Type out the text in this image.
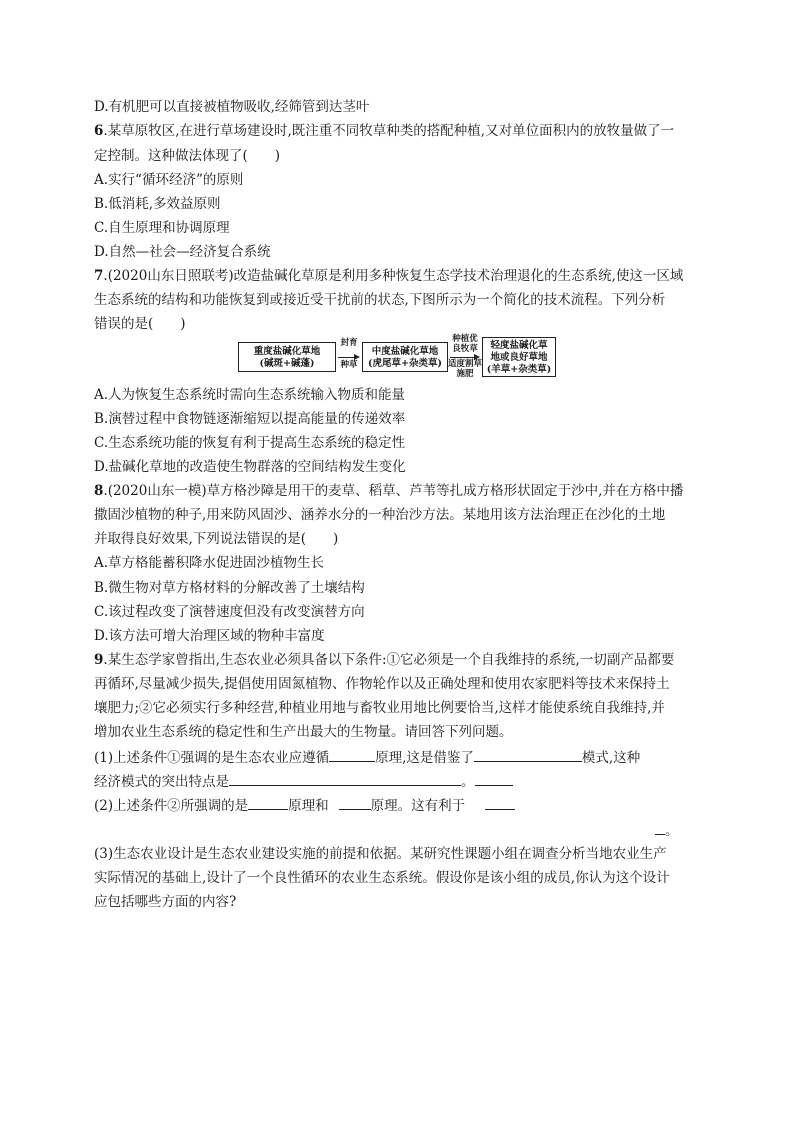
D.有机肥可以直接被植物吸收,经筛管到达茎叶
6.某草原牧区,在进行草场建设时,既注重不同牧草种类的搭配种植,又对单位面积内的放牧量做了一
定控制。这种做法体现了(　　)
A.实行“循环经济”的原则
B.低消耗,多效益原则
C.自生原理和协调原理
D.自然—社会—经济复合系统
7.(2020山东日照联考)改造盐碱化草原是利用多种恢复生态学技术治理退化的生态系统,使这一区域
生态系统的结构和功能恢复到或接近受干扰前的状态,下图所示为一个简化的技术流程。下列分析
错误的是(　　)
重度盐碱化草地
(碱斑+碱蓬)
封育
种草
中度盐碱化草地
(虎尾草+杂类草)
种植优
良牧草
适度割草
施肥
轻度盐碱化草
地或良好草地
(羊草+杂类草)
A.人为恢复生态系统时需向生态系统输入物质和能量
B.演替过程中食物链逐渐缩短以提高能量的传递效率
C.生态系统功能的恢复有利于提高生态系统的稳定性
D.盐碱化草地的改造使生物群落的空间结构发生变化
8.(2020山东一模)草方格沙障是用干的麦草、稻草、芦苇等扎成方格形状固定于沙中,并在方格中播
撒固沙植物的种子,用来防风固沙、涵养水分的一种治沙方法。某地用该方法治理正在沙化的土地
并取得良好效果,下列说法错误的是(　　)
A.草方格能蓄积降水促进固沙植物生长
B.微生物对草方格材料的分解改善了土壤结构
C.该过程改变了演替速度但没有改变演替方向
D.该方法可增大治理区域的物种丰富度
9.某生态学家曾指出,生态农业必须具备以下条件:①它必须是一个自我维持的系统,一切副产品都要
再循环,尽量减少损失,提倡使用固氮植物、作物轮作以及正确处理和使用农家肥料等技术来保持土
壤肥力;②它必须实行多种经营,种植业用地与畜牧业用地比例要恰当,这样才能使系统自我维持,并
增加农业生态系统的稳定性和生产出最大的生物量。请回答下列问题。
(1)上述条件①强调的是生态农业应遵循	原理,这是借鉴了	模式,这种
经济模式的突出特点是	。
(2)上述条件②所强调的是	原理和	原理。这有利于
。
(3)生态农业设计是生态农业建设实施的前提和依据。某研究性课题小组在调查分析当地农业生产
实际情况的基础上,设计了一个良性循环的农业生态系统。假设你是该小组的成员,你认为这个设计
应包括哪些方面的内容?
